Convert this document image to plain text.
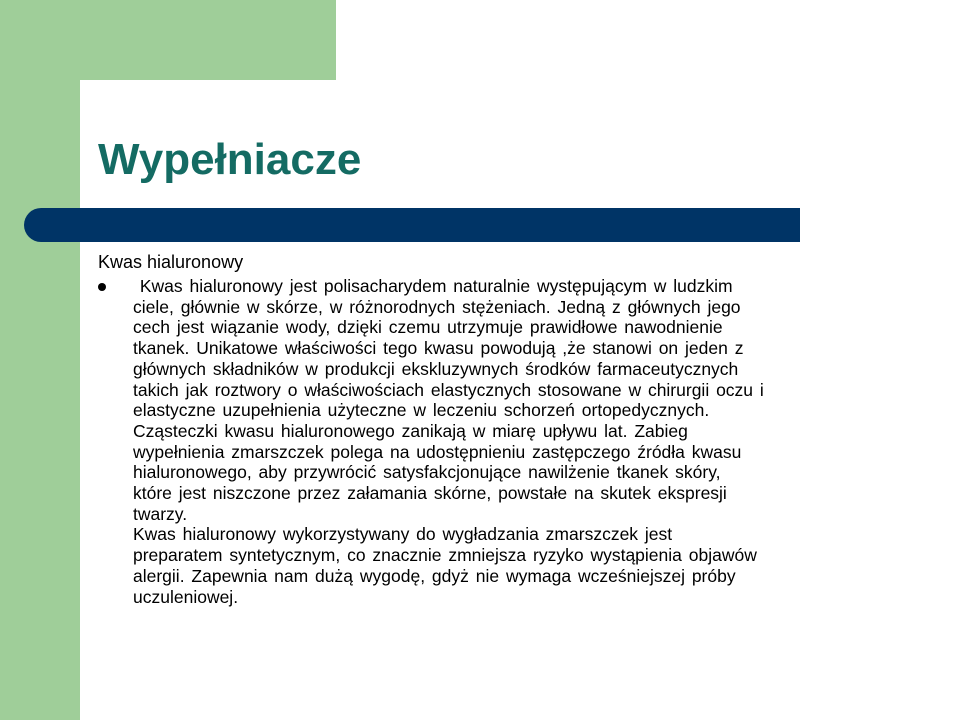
Wypełniacze
Kwas hialuronowy
Kwas hialuronowy jest polisacharydem naturalnie występującym w ludzkim
ciele, głównie w skórze, w różnorodnych stężeniach. Jedną z głównych jego
cech jest wiązanie wody, dzięki czemu utrzymuje prawidłowe nawodnienie
tkanek. Unikatowe właściwości tego kwasu powodują ,że stanowi on jeden z
głównych składników w produkcji ekskluzywnych środków farmaceutycznych
takich jak roztwory o właściwościach elastycznych stosowane w chirurgii oczu i
elastyczne uzupełnienia użyteczne w leczeniu schorzeń ortopedycznych.
Cząsteczki kwasu hialuronowego zanikają w miarę upływu lat. Zabieg
wypełnienia zmarszczek polega na udostępnieniu zastępczego źródła kwasu
hialuronowego, aby przywrócić satysfakcjonujące nawilżenie tkanek skóry,
które jest niszczone przez załamania skórne, powstałe na skutek ekspresji
twarzy.
Kwas hialuronowy wykorzystywany do wygładzania zmarszczek jest
preparatem syntetycznym, co znacznie zmniejsza ryzyko wystąpienia objawów
alergii. Zapewnia nam dużą wygodę, gdyż nie wymaga wcześniejszej próby
uczuleniowej.
